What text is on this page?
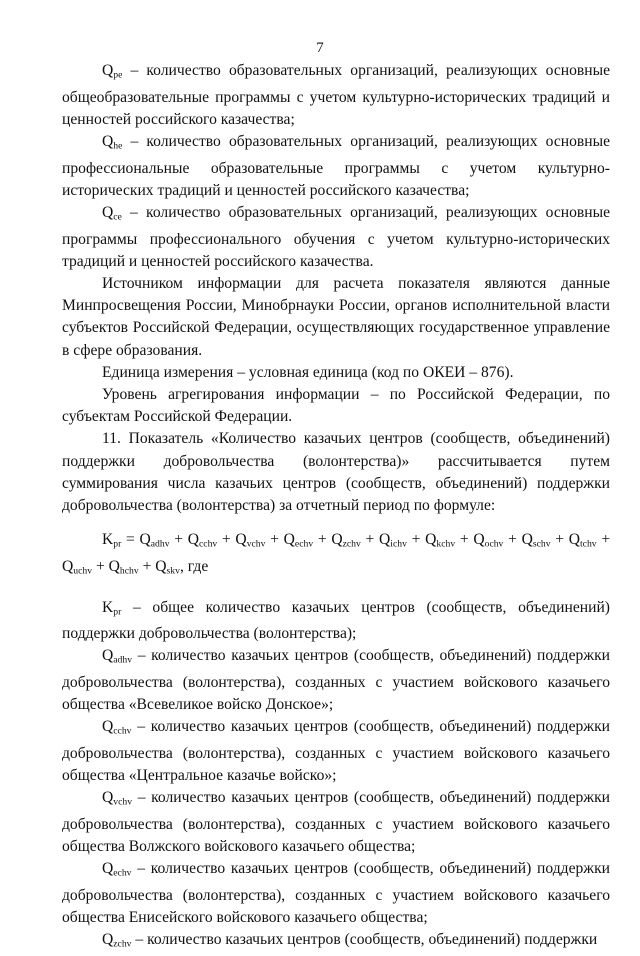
7

Qpe – количество образовательных организаций, реализующих основные общеобразовательные программы с учетом культурно-исторических традиций и ценностей российского казачества;

Qhe – количество образовательных организаций, реализующих основные профессиональные образовательные программы с учетом культурно-исторических традиций и ценностей российского казачества;

Qce – количество образовательных организаций, реализующих основные программы профессионального обучения с учетом культурно-исторических традиций и ценностей российского казачества.

Источником информации для расчета показателя являются данные Минпросвещения России, Минобрнауки России, органов исполнительной власти субъектов Российской Федерации, осуществляющих государственное управление в сфере образования.

Единица измерения – условная единица (код по ОКЕИ – 876).

Уровень агрегирования информации – по Российской Федерации, по субъектам Российской Федерации.

11. Показатель «Количество казачьих центров (сообществ, объединений) поддержки добровольчества (волонтерства)» рассчитывается путем суммирования числа казачьих центров (сообществ, объединений) поддержки добровольчества (волонтерства) за отчетный период по формуле:

Kpr = Qadhv + Qcchv + Qvchv + Qechv + Qzchv + Qichv + Qkchv + Qochv + Qschv + Qtchv + Quchv + Qhchv + Qskv, где

Kpr – общее количество казачьих центров (сообществ, объединений) поддержки добровольчества (волонтерства);

Qadhv – количество казачьих центров (сообществ, объединений) поддержки добровольчества (волонтерства), созданных с участием войскового казачьего общества «Всевеликое войско Донское»;

Qcchv – количество казачьих центров (сообществ, объединений) поддержки добровольчества (волонтерства), созданных с участием войскового казачьего общества «Центральное казачье войско»;

Qvchv – количество казачьих центров (сообществ, объединений) поддержки добровольчества (волонтерства), созданных с участием войскового казачьего общества Волжского войскового казачьего общества;

Qechv – количество казачьих центров (сообществ, объединений) поддержки добровольчества (волонтерства), созданных с участием войскового казачьего общества Енисейского войскового казачьего общества;

Qzchv – количество казачьих центров (сообществ, объединений) поддержки
